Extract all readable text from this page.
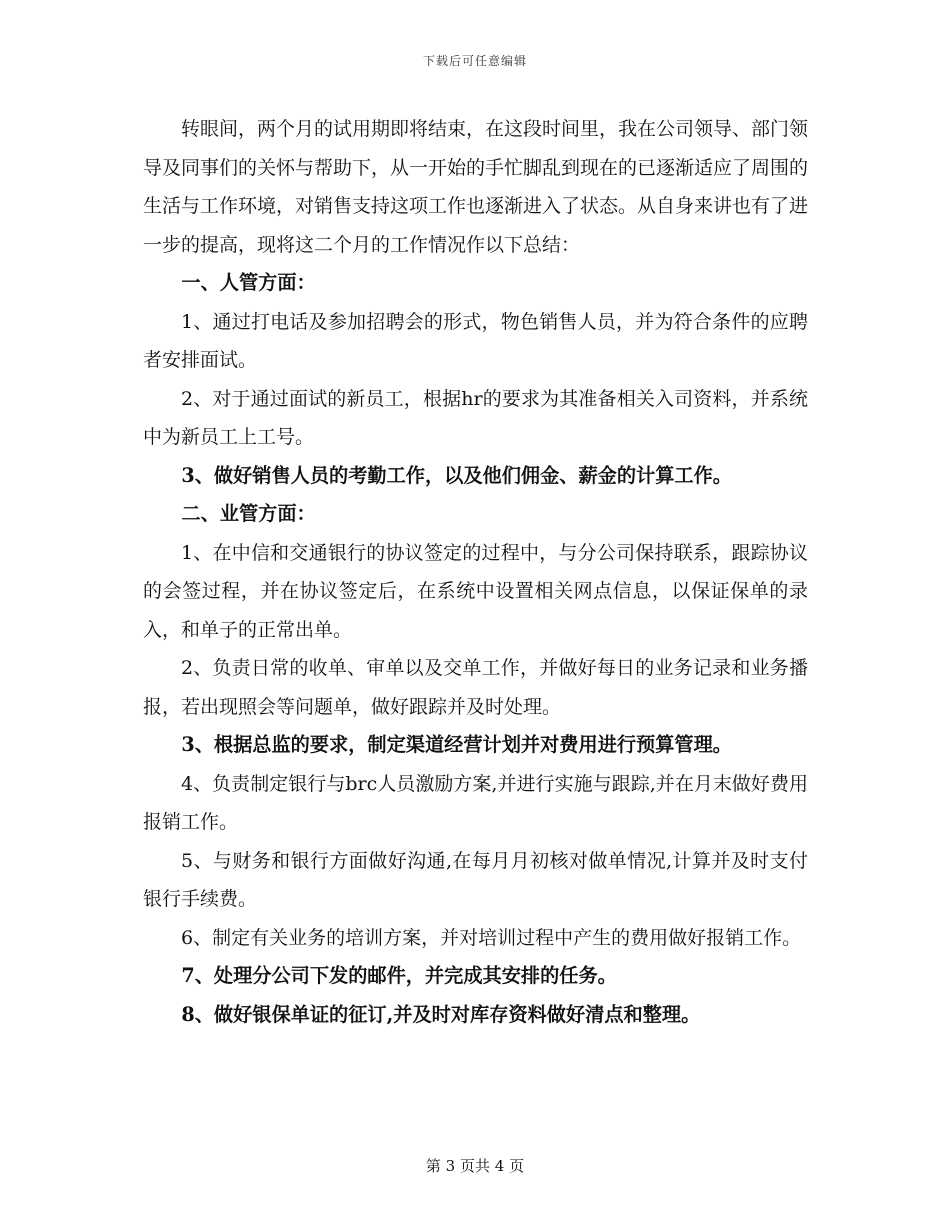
下载后可任意编辑

转眼间，两个月的试用期即将结束，在这段时间里，我在公司领导、部门领导及同事们的关怀与帮助下，从一开始的手忙脚乱到现在的已逐渐适应了周围的生活与工作环境，对销售支持这项工作也逐渐进入了状态。从自身来讲也有了进一步的提高，现将这二个月的工作情况作以下总结：

一、人管方面：

1、通过打电话及参加招聘会的形式，物色销售人员，并为符合条件的应聘者安排面试。

2、对于通过面试的新员工，根据hr的要求为其准备相关入司资料，并系统中为新员工上工号。

3、做好销售人员的考勤工作，以及他们佣金、薪金的计算工作。

二、业管方面：

1、在中信和交通银行的协议签定的过程中，与分公司保持联系，跟踪协议的会签过程，并在协议签定后，在系统中设置相关网点信息，以保证保单的录入，和单子的正常出单。

2、负责日常的收单、审单以及交单工作，并做好每日的业务记录和业务播报，若出现照会等问题单，做好跟踪并及时处理。

3、根据总监的要求，制定渠道经营计划并对费用进行预算管理。

4、负责制定银行与brc人员激励方案,并进行实施与跟踪,并在月末做好费用报销工作。

5、与财务和银行方面做好沟通,在每月月初核对做单情况,计算并及时支付银行手续费。

6、制定有关业务的培训方案，并对培训过程中产生的费用做好报销工作。

7、处理分公司下发的邮件，并完成其安排的任务。

8、做好银保单证的征订,并及时对库存资料做好清点和整理。

第 3 页共 4 页
